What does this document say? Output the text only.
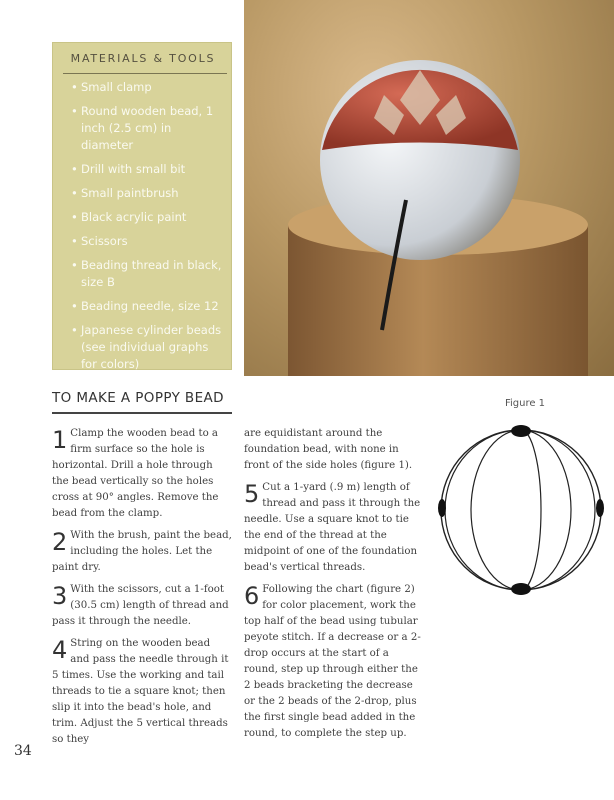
MATERIALS & TOOLS
• Small clamp
• Round wooden bead, 1 inch (2.5 cm) in diameter
• Drill with small bit
• Small paintbrush
• Black acrylic paint
• Scissors
• Beading thread in black, size B
• Beading needle, size 12
• Japanese cylinder beads (see individual graphs for colors)
TO MAKE A POPPY BEAD
1 Clamp the wooden bead to a firm surface so the hole is horizontal. Drill a hole through the bead vertically so the holes cross at 90° angles. Remove the bead from the clamp.
2 With the brush, paint the bead, including the holes. Let the paint dry.
3 With the scissors, cut a 1-foot (30.5 cm) length of thread and pass it through the needle.
4 String on the wooden bead and pass the needle through it 5 times. Use the working and tail threads to tie a square knot; then slip it into the bead's hole, and trim. Adjust the 5 vertical threads so they
are equidistant around the foundation bead, with none in front of the side holes (figure 1).
5 Cut a 1-yard (.9 m) length of thread and pass it through the needle. Use a square knot to tie the end of the thread at the midpoint of one of the foundation bead's vertical threads.
6 Following the chart (figure 2) for color placement, work the top half of the bead using tubular peyote stitch. If a decrease or a 2-drop occurs at the start of a round, step up through either the 2 beads bracketing the decrease or the 2 beads of the 2-drop, plus the first single bead added in the round, to complete the step up.
Figure 1
34
